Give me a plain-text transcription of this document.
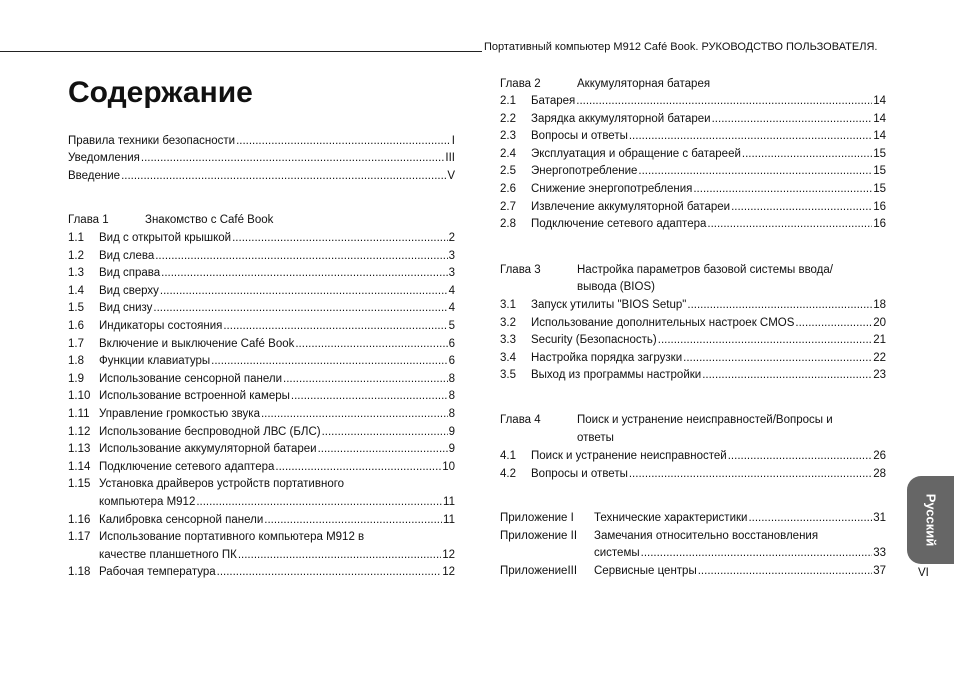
Портативный компьютер M912 Café Book. РУКОВОДСТВО ПОЛЬЗОВАТЕЛЯ.
Содержание
Правила техники безопасности .....	I
Уведомления .....	III
Введение .....	V
Глава 1	Знакомство с Café Book
1.1 Вид с открытой крышкой .....	2
1.2 Вид слева .....	3
1.3 Вид справа .....	3
1.4 Вид сверху .....	4
1.5 Вид снизу .....	4
1.6 Индикаторы состояния .....	5
1.7 Включение и выключение Café Book .....	6
1.8 Функции клавиатуры .....	6
1.9 Использование сенсорной панели .....	8
1.10 Использование встроенной камеры .....	8
1.11 Управление громкостью звука .....	8
1.12 Использование беспроводной ЛВС (БЛС) .....	9
1.13 Использование аккумуляторной батареи .....	9
1.14 Подключение сетевого адаптера .....	10
1.15 Установка драйверов устройств портативного
компьютера M912 .....	11
1.16 Калибровка сенсорной панели .....	11
1.17 Использование портативного компьютера M912 в
качестве планшетного ПК .....	12
1.18 Рабочая температура .....	12
Глава 2	Аккумуляторная батарея
2.1 Батарея .....	14
2.2 Зарядка аккумуляторной батареи .....	14
2.3 Вопросы и ответы .....	14
2.4 Эксплуатация и обращение с батареей .....	15
2.5 Энергопотребление .....	15
2.6 Снижение энергопотребления .....	15
2.7 Извлечение аккумуляторной батареи .....	16
2.8 Подключение сетевого адаптера .....	16
Глава 3	Настройка параметров базовой системы ввода/
вывода (BIOS)
3.1 Запуск утилиты "BIOS Setup" .....	18
3.2 Использование дополнительных настроек CMOS .....	20
3.3 Security (Безопасность) .....	21
3.4 Настройка порядка загрузки .....	22
3.5 Выход из программы настройки .....	23
Глава 4	Поиск и устранение неисправностей/Вопросы и
ответы
4.1 Поиск и устранение неисправностей .....	26
4.2 Вопросы и ответы .....	28
Приложение I Технические характеристики .....	31
Приложение II Замечания относительно восстановления
системы .....	33
ПриложениеIII Сервисные центры .....	37
Русский
VI
